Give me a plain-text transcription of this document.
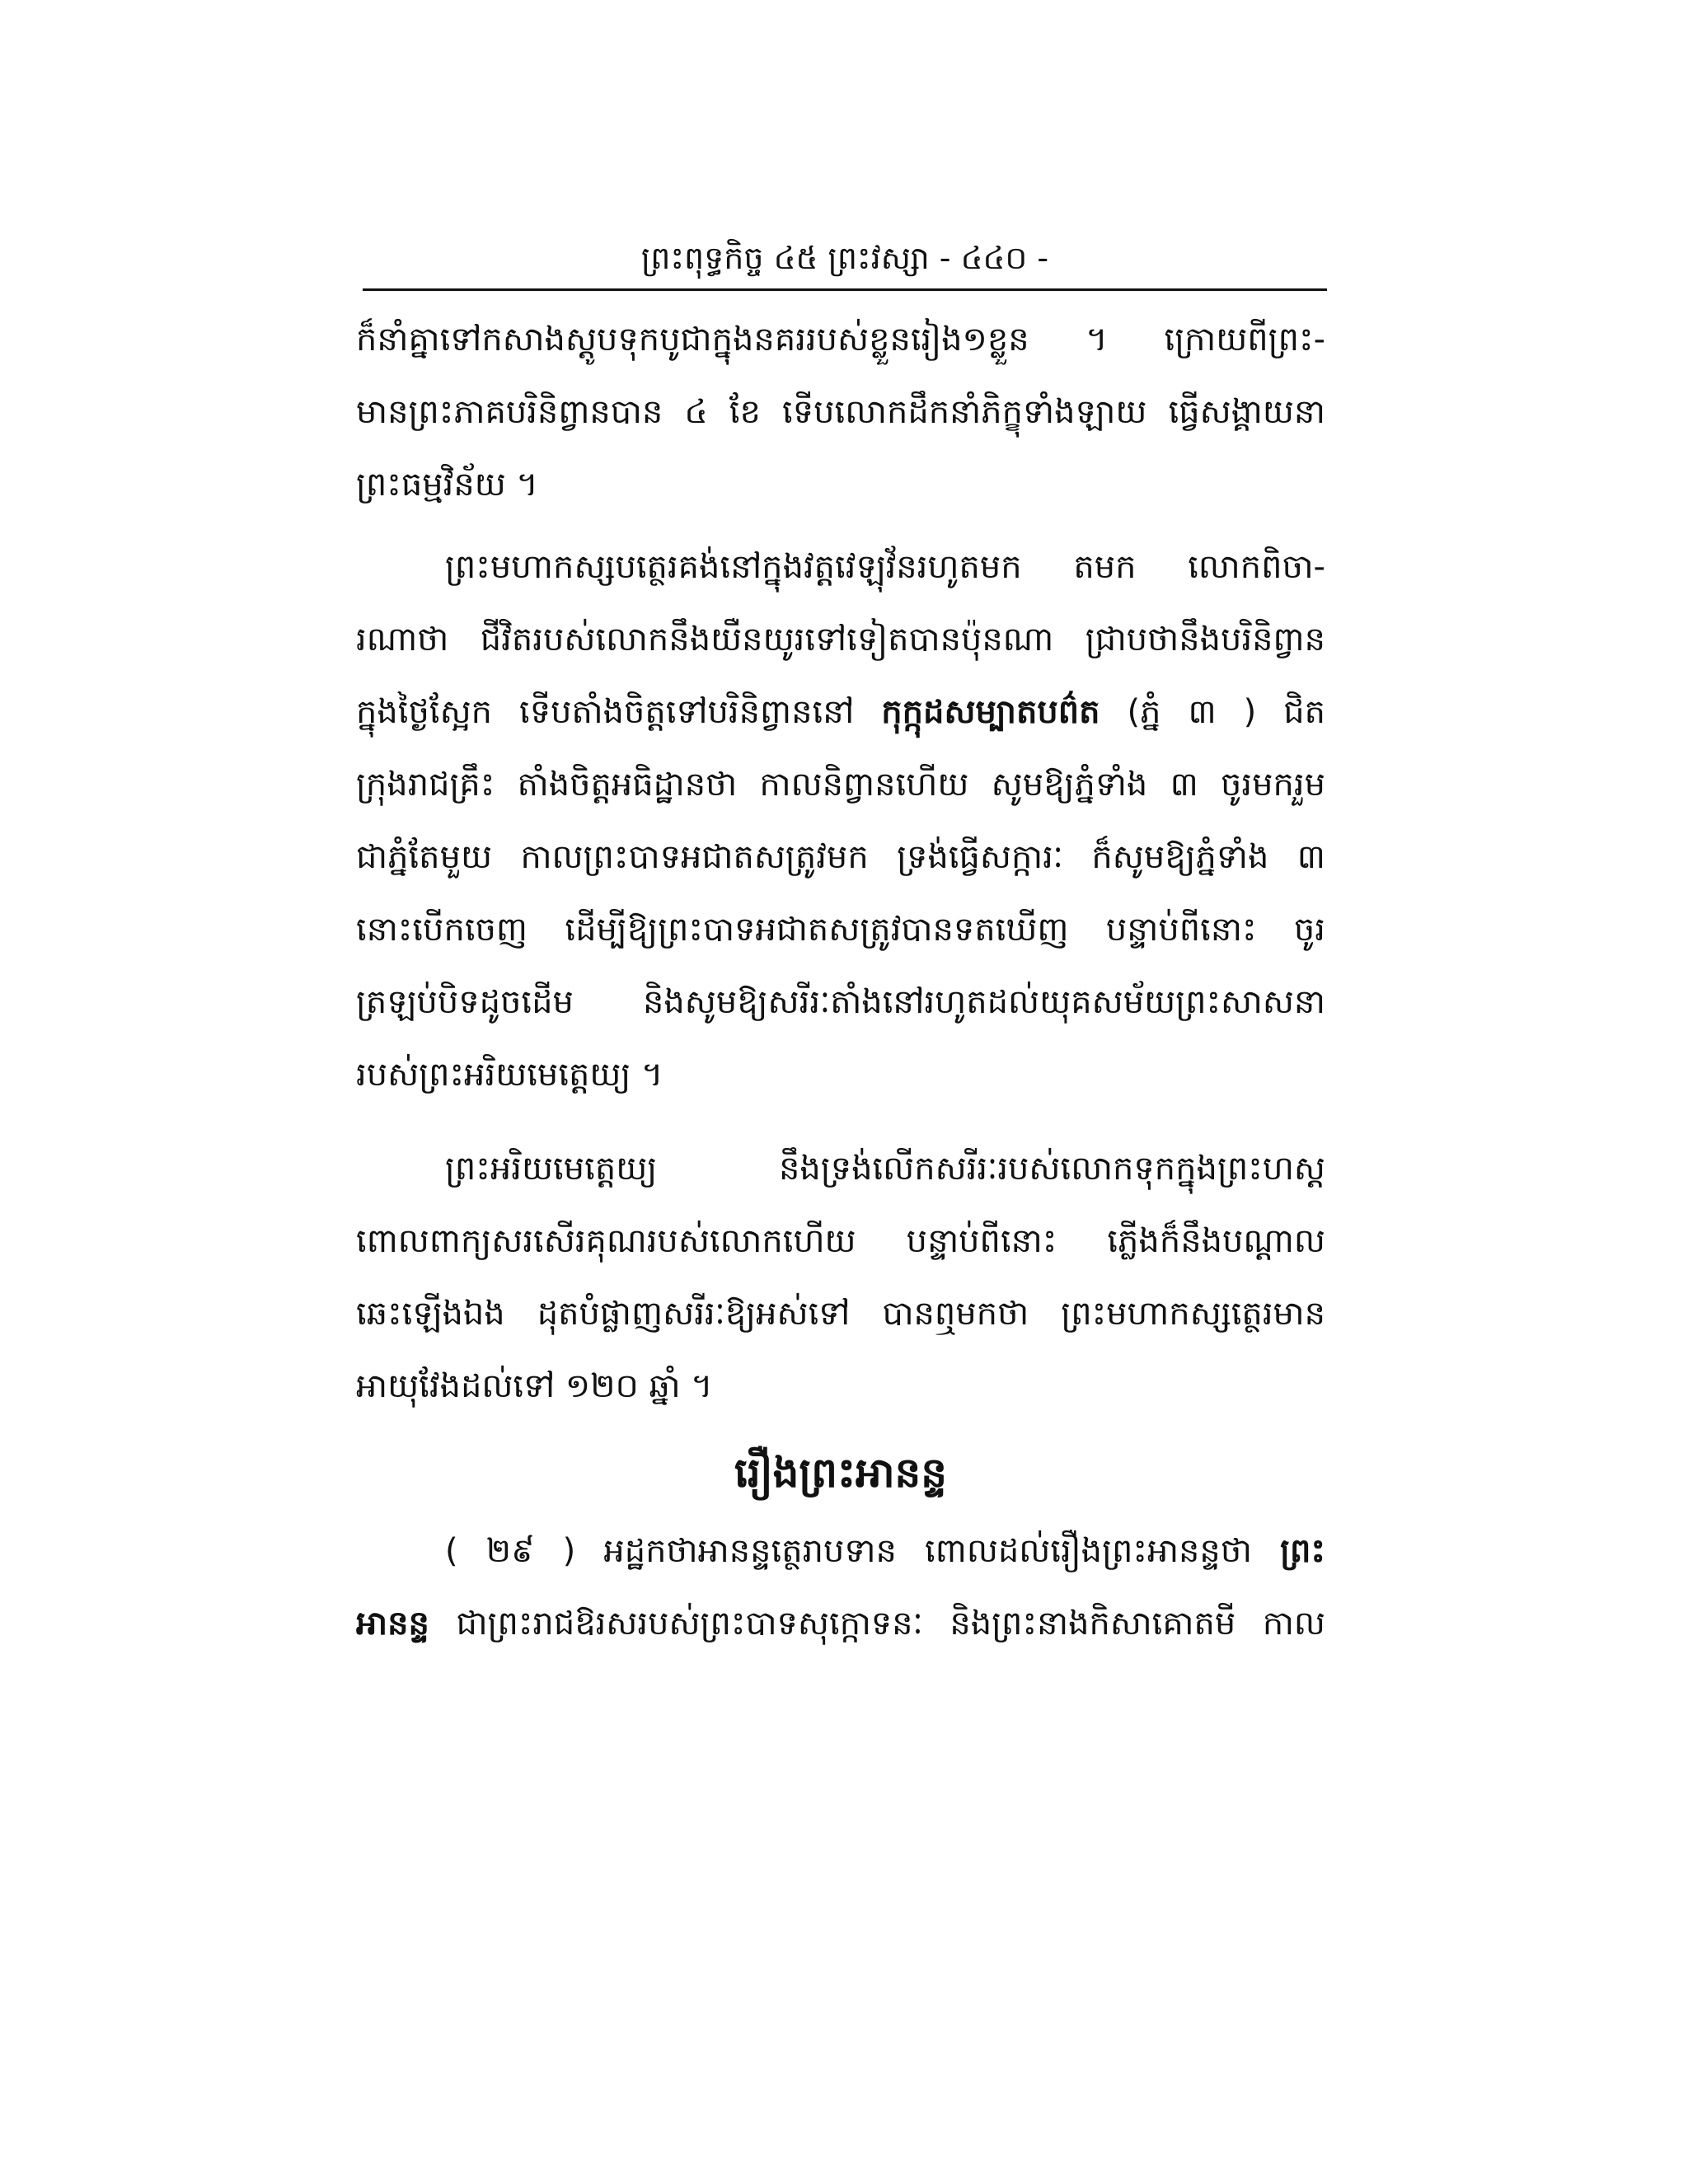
ព្រះពុទ្ធកិច្ច ៤៥ ព្រះវស្សា - ៤៤០ -
ក៏នាំគ្នាទៅកសាងស្តូបទុកបូជាក្នុងនគររបស់ខ្លួនរៀង១ខ្លួន ។ ក្រោយពីព្រះ-
មានព្រះភាគបរិនិព្វានបាន ៤ ខែ ទើបលោកដឹកនាំភិក្ខុទាំងឡាយ ធ្វើសង្គាយនា
ព្រះធម្មវិន័យ ។
ព្រះមហាកស្សបត្ថេរគង់នៅក្នុងវត្តវេឡុវ័នរហូតមក តមក លោកពិចា-
រណាថា ជីវិតរបស់លោកនឹងយឺនយូរទៅទៀតបានប៉ុនណា ជ្រាបថានឹងបរិនិព្វាន
ក្នុងថ្ងៃស្អែក ទើបតាំងចិត្តទៅបរិនិព្វាននៅ កុក្កុដសម្បាតបព៌ត (ភ្នំ ៣ ) ជិត
ក្រុងរាជគ្រឹះ តាំងចិត្តអធិដ្ឋានថា កាលនិព្វានហើយ សូមឱ្យភ្នំទាំង ៣ ចូរមករួម
ជាភ្នំតែមួយ កាលព្រះបាទអជាតសត្រូវមក ទ្រង់ធ្វើសក្ការៈ ក៏សូមឱ្យភ្នំទាំង ៣
នោះបើកចេញ ដើម្បីឱ្យព្រះបាទអជាតសត្រូវបានទតឃើញ បន្ទាប់ពីនោះ ចូរ
ត្រឡប់បិទដូចដើម និងសូមឱ្យសរីរៈតាំងនៅរហូតដល់យុគសម័យព្រះសាសនា
របស់ព្រះអរិយមេត្តេយ្យ ។
ព្រះអរិយមេត្តេយ្យ នឹងទ្រង់លើកសរីរៈរបស់លោកទុកក្នុងព្រះហស្ត
ពោលពាក្យសរសើរគុណរបស់លោកហើយ បន្ទាប់ពីនោះ ភ្លើងក៏នឹងបណ្តាល
ឆេះឡើងឯង ដុតបំផ្លាញសរីរៈឱ្យអស់ទៅ បានឮមកថា ព្រះមហាកស្សត្ថេរមាន
អាយុវែងដល់ទៅ ១២០ ឆ្នាំ ។
រឿងព្រះអានន្ទ
( ២៩ ) អដ្ឋកថាអានន្ទត្ថេរាបទាន ពោលដល់រឿងព្រះអានន្ទថា ព្រះ
អានន្ទ ជាព្រះរាជឱរសរបស់ព្រះបាទសុក្កោទនៈ និងព្រះនាងកិសាគោតមី កាល
